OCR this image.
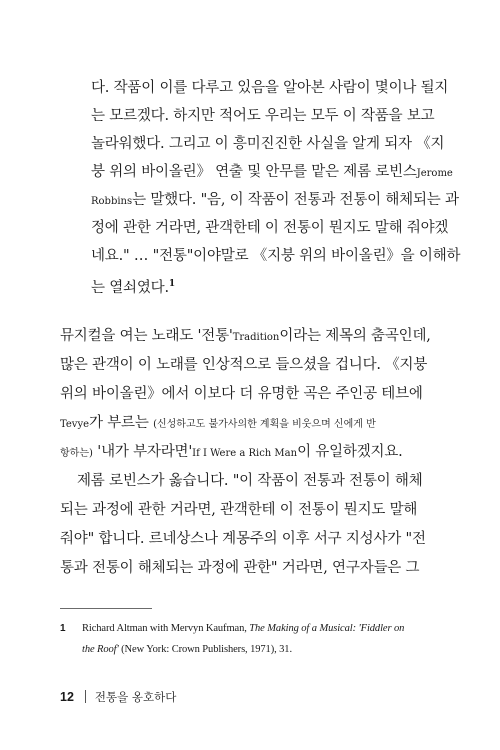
다. 작품이 이를 다루고 있음을 알아본 사람이 몇이나 될지
는 모르겠다. 하지만 적어도 우리는 모두 이 작품을 보고
놀라워했다. 그리고 이 흥미진진한 사실을 알게 되자 《지
붕 위의 바이올린》 연출 및 안무를 맡은 제롬 로빈스Jerome
Robbins는 말했다. "음, 이 작품이 전통과 전통이 해체되는 과
정에 관한 거라면, 관객한테 이 전통이 뭔지도 말해 줘야겠
네요." … "전통"이야말로 《지붕 위의 바이올린》을 이해하
는 열쇠였다.$^1$
뮤지컬을 여는 노래도 '전통'Tradition이라는 제목의 춤곡인데,
많은 관객이 이 노래를 인상적으로 들으셨을 겁니다. 《지붕
위의 바이올린》에서 이보다 더 유명한 곡은 주인공 테브에
Tevye가 부르는 (신성하고도 불가사의한 계획을 비웃으며 신에게 반
항하는) '내가 부자라면'If I Were a Rich Man이 유일하겠지요.
제롬 로빈스가 옳습니다. "이 작품이 전통과 전통이 해체
되는 과정에 관한 거라면, 관객한테 이 전통이 뭔지도 말해
줘야" 합니다. 르네상스나 계몽주의 이후 서구 지성사가 "전
통과 전통이 해체되는 과정에 관한" 거라면, 연구자들은 그
1 Richard Altman with Mervyn Kaufman, The Making of a Musical: 'Fiddler on
the Roof' (New York: Crown Publishers, 1971), 31.
12 전통을 옹호하다
